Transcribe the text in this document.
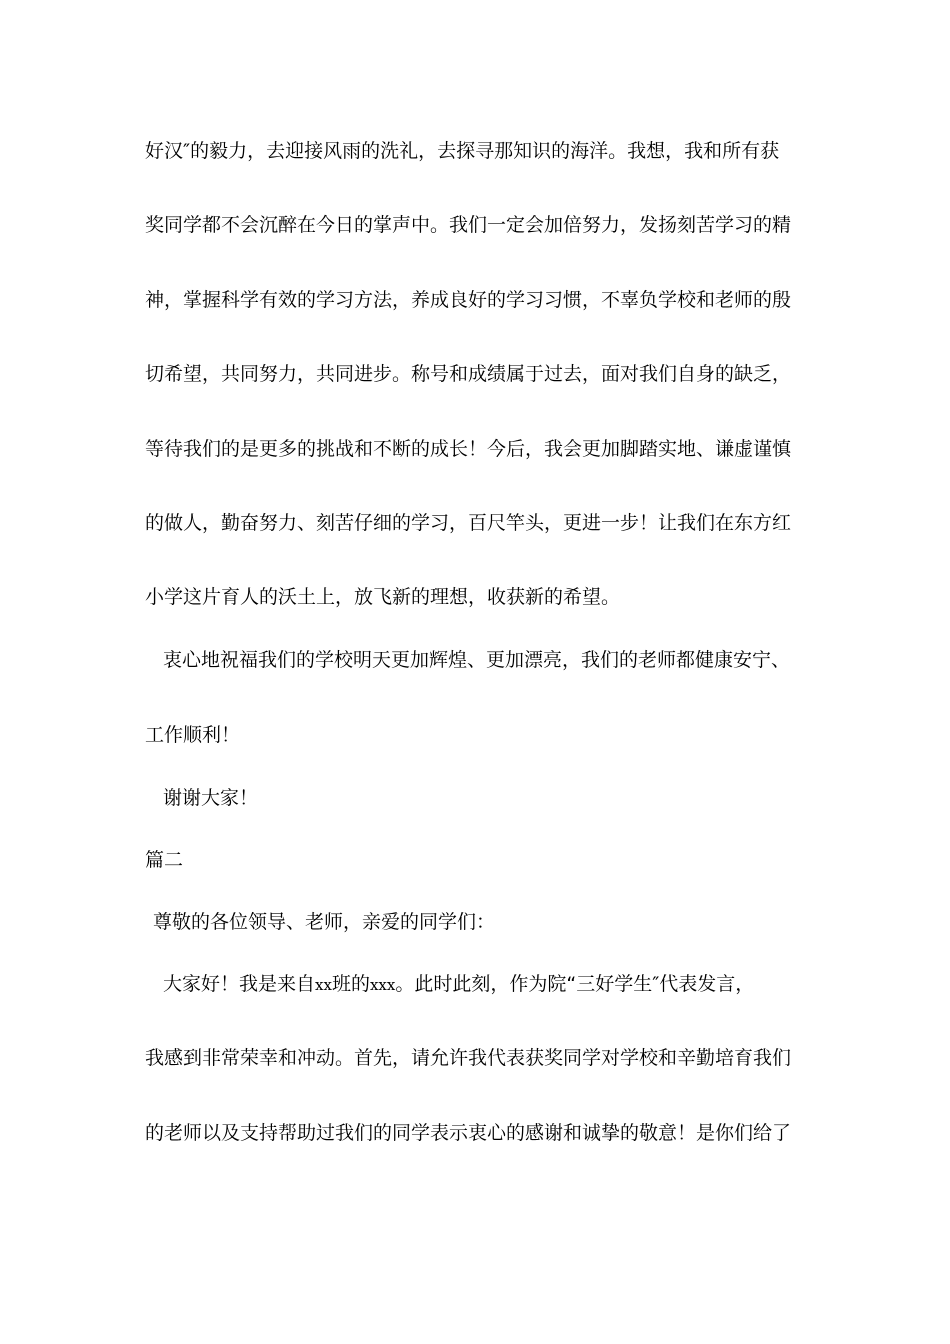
好汉″的毅力，去迎接风雨的洗礼，去探寻那知识的海洋。我想，我和所有获
奖同学都不会沉醉在今日的掌声中。我们一定会加倍努力，发扬刻苦学习的精
神，掌握科学有效的学习方法，养成良好的学习习惯，不辜负学校和老师的殷
切希望，共同努力，共同进步。称号和成绩属于过去，面对我们自身的缺乏，
等待我们的是更多的挑战和不断的成长！今后，我会更加脚踏实地、谦虚谨慎
的做人，勤奋努力、刻苦仔细的学习，百尺竿头，更进一步！让我们在东方红
小学这片育人的沃土上，放飞新的理想，收获新的希望。
衷心地祝福我们的学校明天更加辉煌、更加漂亮，我们的老师都健康安宁、
工作顺利！
谢谢大家！
篇二
尊敬的各位领导、老师，亲爱的同学们：
大家好！我是来自xx班的xxx。此时此刻，作为院“三好学生″代表发言，
我感到非常荣幸和冲动。首先，请允许我代表获奖同学对学校和辛勤培育我们
的老师以及支持帮助过我们的同学表示衷心的感谢和诚挚的敬意！是你们给了
